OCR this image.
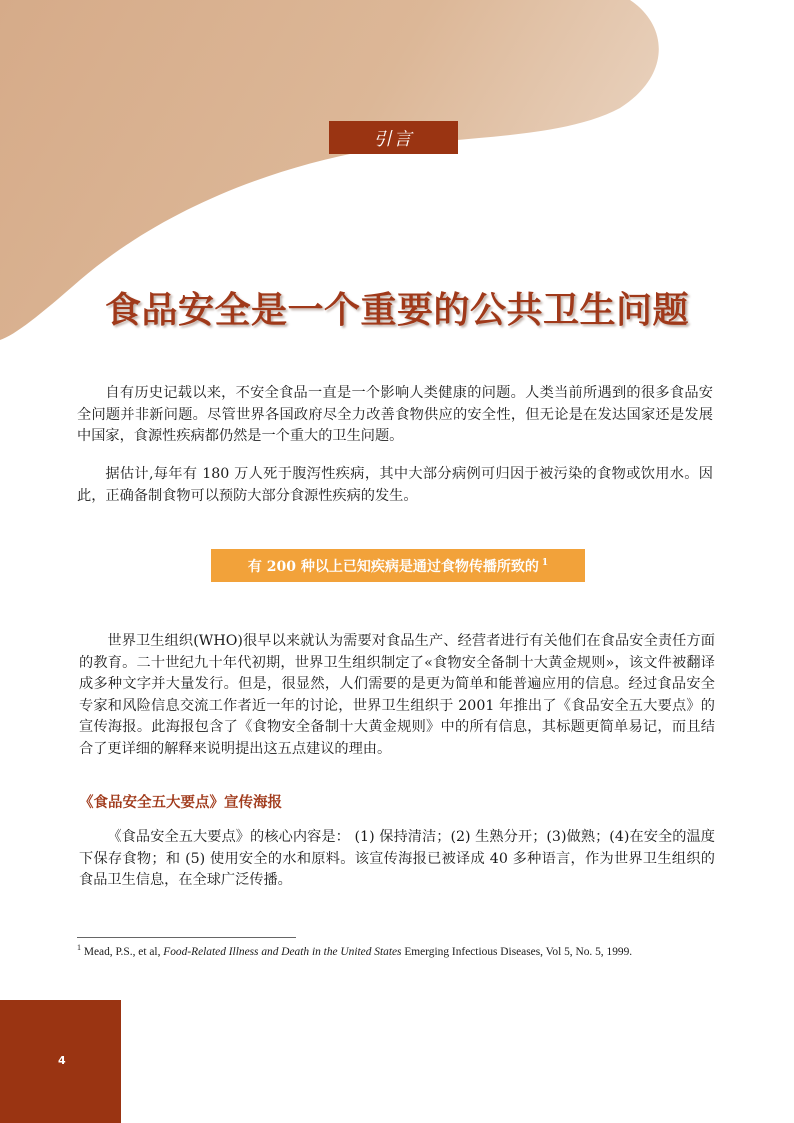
引言
食品安全是一个重要的公共卫生问题

自有历史记载以来，不安全食品一直是一个影响人类健康的问题。人类当前所遇到的很多食品安全问题并非新问题。尽管世界各国政府尽全力改善食物供应的安全性，但无论是在发达国家还是发展中国家，食源性疾病都仍然是一个重大的卫生问题。

据估计,每年有 180 万人死于腹泻性疾病，其中大部分病例可归因于被污染的食物或饮用水。因此，正确备制食物可以预防大部分食源性疾病的发生。

有 200 种以上已知疾病是通过食物传播所致的 $^1$

世界卫生组织(WHO)很早以来就认为需要对食品生产、经营者进行有关他们在食品安全责任方面的教育。二十世纪九十年代初期，世界卫生组织制定了«食物安全备制十大黄金规则»，该文件被翻译成多种文字并大量发行。但是，很显然，人们需要的是更为简单和能普遍应用的信息。经过食品安全专家和风险信息交流工作者近一年的讨论，世界卫生组织于 2001 年推出了《食品安全五大要点》的宣传海报。此海报包含了《食物安全备制十大黄金规则》中的所有信息，其标题更简单易记，而且结合了更详细的解释来说明提出这五点建议的理由。

《食品安全五大要点》宣传海报

《食品安全五大要点》的核心内容是： (1) 保持清洁；(2) 生熟分开；(3)做熟；(4)在安全的温度下保存食物；和 (5) 使用安全的水和原料。该宣传海报已被译成 40 多种语言，作为世界卫生组织的食品卫生信息，在全球广泛传播。

$^1$ Mead, P.S., et al, Food-Related Illness and Death in the United States Emerging Infectious Diseases, Vol 5, No. 5, 1999.

4
